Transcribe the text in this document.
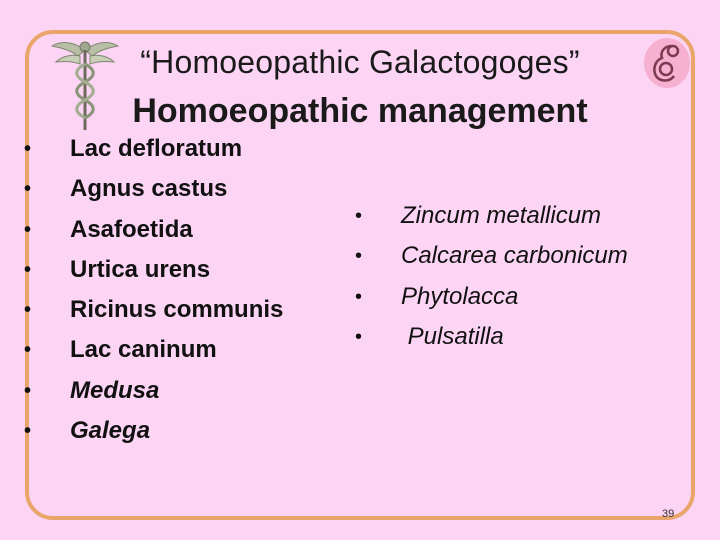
“Homoeopathic Galactogoges”
Homoeopathic management
• Lac defloratum
• Agnus castus
• Asafoetida
• Urtica urens
• Ricinus communis
• Lac caninum
• Medusa
• Galega
• Zincum metallicum
• Calcarea carbonicum
• Phytolacca
• Pulsatilla
39
